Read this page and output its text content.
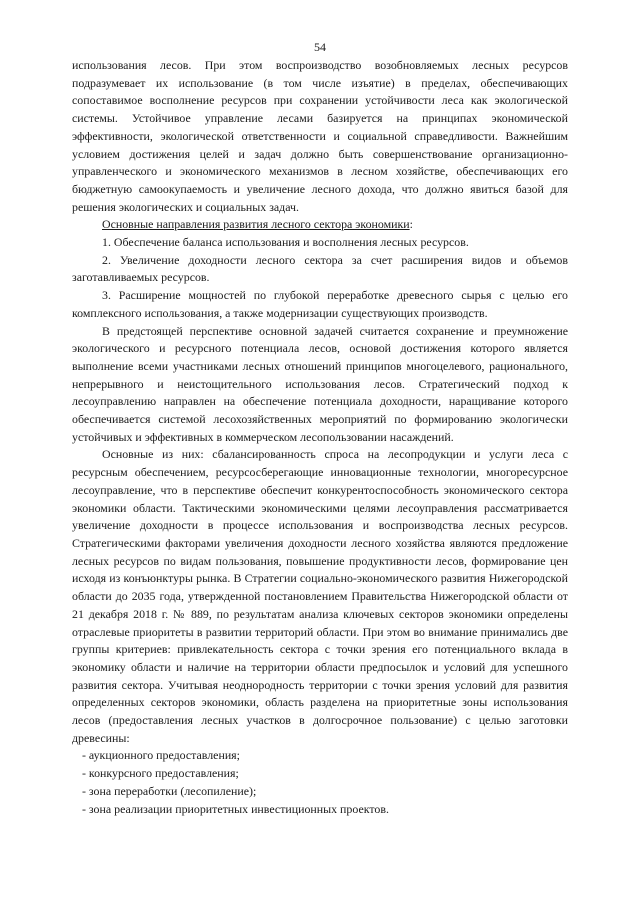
54

использования лесов. При этом воспроизводство возобновляемых лесных ресурсов подразумевает их использование (в том числе изъятие) в пределах, обеспечивающих сопоставимое восполнение ресурсов при сохранении устойчивости леса как экологической системы. Устойчивое управление лесами базируется на принципах экономической эффективности, экологической ответственности и социальной справедливости. Важнейшим условием достижения целей и задач должно быть совершенствование организационно-управленческого и экономического механизмов в лесном хозяйстве, обеспечивающих его бюджетную самоокупаемость и увеличение лесного дохода, что должно явиться базой для решения экологических и социальных задач.

Основные направления развития лесного сектора экономики:

1. Обеспечение баланса использования и восполнения лесных ресурсов.

2. Увеличение доходности лесного сектора за счет расширения видов и объемов заготавливаемых ресурсов.

3. Расширение мощностей по глубокой переработке древесного сырья с целью его комплексного использования, а также модернизации существующих производств.

В предстоящей перспективе основной задачей считается сохранение и преумножение экологического и ресурсного потенциала лесов, основой достижения которого является выполнение всеми участниками лесных отношений принципов многоцелевого, рационального, непрерывного и неистощительного использования лесов. Стратегический подход к лесоуправлению направлен на обеспечение потенциала доходности, наращивание которого обеспечивается системой лесохозяйственных мероприятий по формированию экологически устойчивых и эффективных в коммерческом лесопользовании насаждений.

Основные из них: сбалансированность спроса на лесопродукции и услуги леса с ресурсным обеспечением, ресурсосберегающие инновационные технологии, многоресурсное лесоуправление, что в перспективе обеспечит конкурентоспособность экономического сектора экономики области. Тактическими экономическими целями лесоуправления рассматривается увеличение доходности в процессе использования и воспроизводства лесных ресурсов. Стратегическими факторами увеличения доходности лесного хозяйства являются предложение лесных ресурсов по видам пользования, повышение продуктивности лесов, формирование цен исходя из конъюнктуры рынка. В Стратегии социально-экономического развития Нижегородской области до 2035 года, утвержденной постановлением Правительства Нижегородской области от 21 декабря 2018 г. № 889, по результатам анализа ключевых секторов экономики определены отраслевые приоритеты в развитии территорий области. При этом во внимание принимались две группы критериев: привлекательность сектора с точки зрения его потенциального вклада в экономику области и наличие на территории области предпосылок и условий для успешного развития сектора. Учитывая неоднородность территории с точки зрения условий для развития определенных секторов экономики, область разделена на приоритетные зоны использования лесов (предоставления лесных участков в долгосрочное пользование) с целью заготовки древесины:

- аукционного предоставления;

- конкурсного предоставления;

- зона переработки (лесопиление);

- зона реализации приоритетных инвестиционных проектов.
